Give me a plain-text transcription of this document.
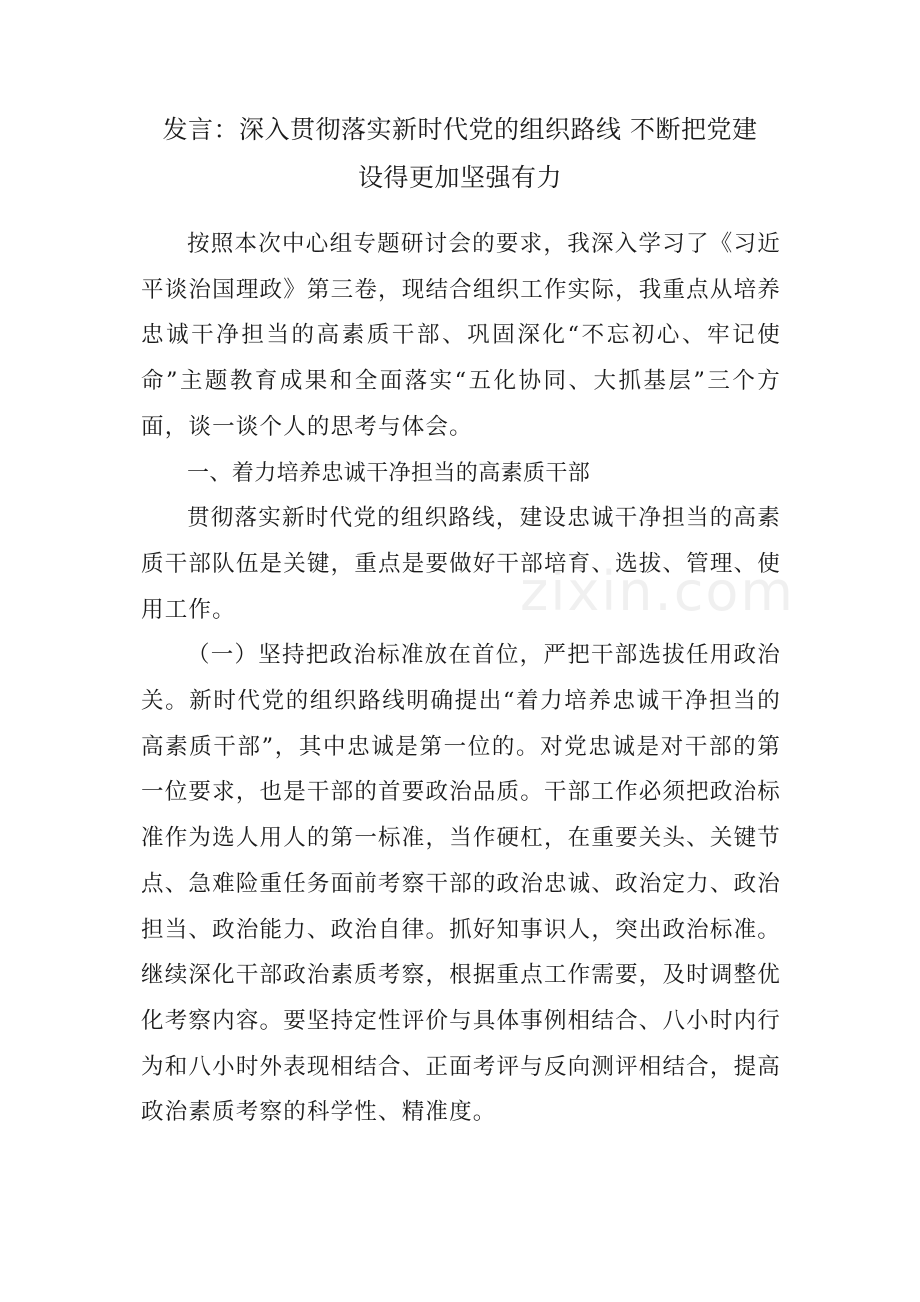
发言：深入贯彻落实新时代党的组织路线 不断把党建
设得更加坚强有力
zixin.com

按照本次中心组专题研讨会的要求，我深入学习了《习近平谈治国理政》第三卷，现结合组织工作实际，我重点从培养忠诚干净担当的高素质干部、巩固深化“不忘初心、牢记使命”主题教育成果和全面落实“五化协同、大抓基层”三个方面，谈一谈个人的思考与体会。

一、着力培养忠诚干净担当的高素质干部

贯彻落实新时代党的组织路线，建设忠诚干净担当的高素质干部队伍是关键，重点是要做好干部培育、选拔、管理、使用工作。

（一）坚持把政治标准放在首位，严把干部选拔任用政治关。新时代党的组织路线明确提出“着力培养忠诚干净担当的高素质干部”，其中忠诚是第一位的。对党忠诚是对干部的第一位要求，也是干部的首要政治品质。干部工作必须把政治标准作为选人用人的第一标准，当作硬杠，在重要关头、关键节点、急难险重任务面前考察干部的政治忠诚、政治定力、政治担当、政治能力、政治自律。抓好知事识人，突出政治标准。继续深化干部政治素质考察，根据重点工作需要，及时调整优化考察内容。要坚持定性评价与具体事例相结合、八小时内行为和八小时外表现相结合、正面考评与反向测评相结合，提高政治素质考察的科学性、精准度。
